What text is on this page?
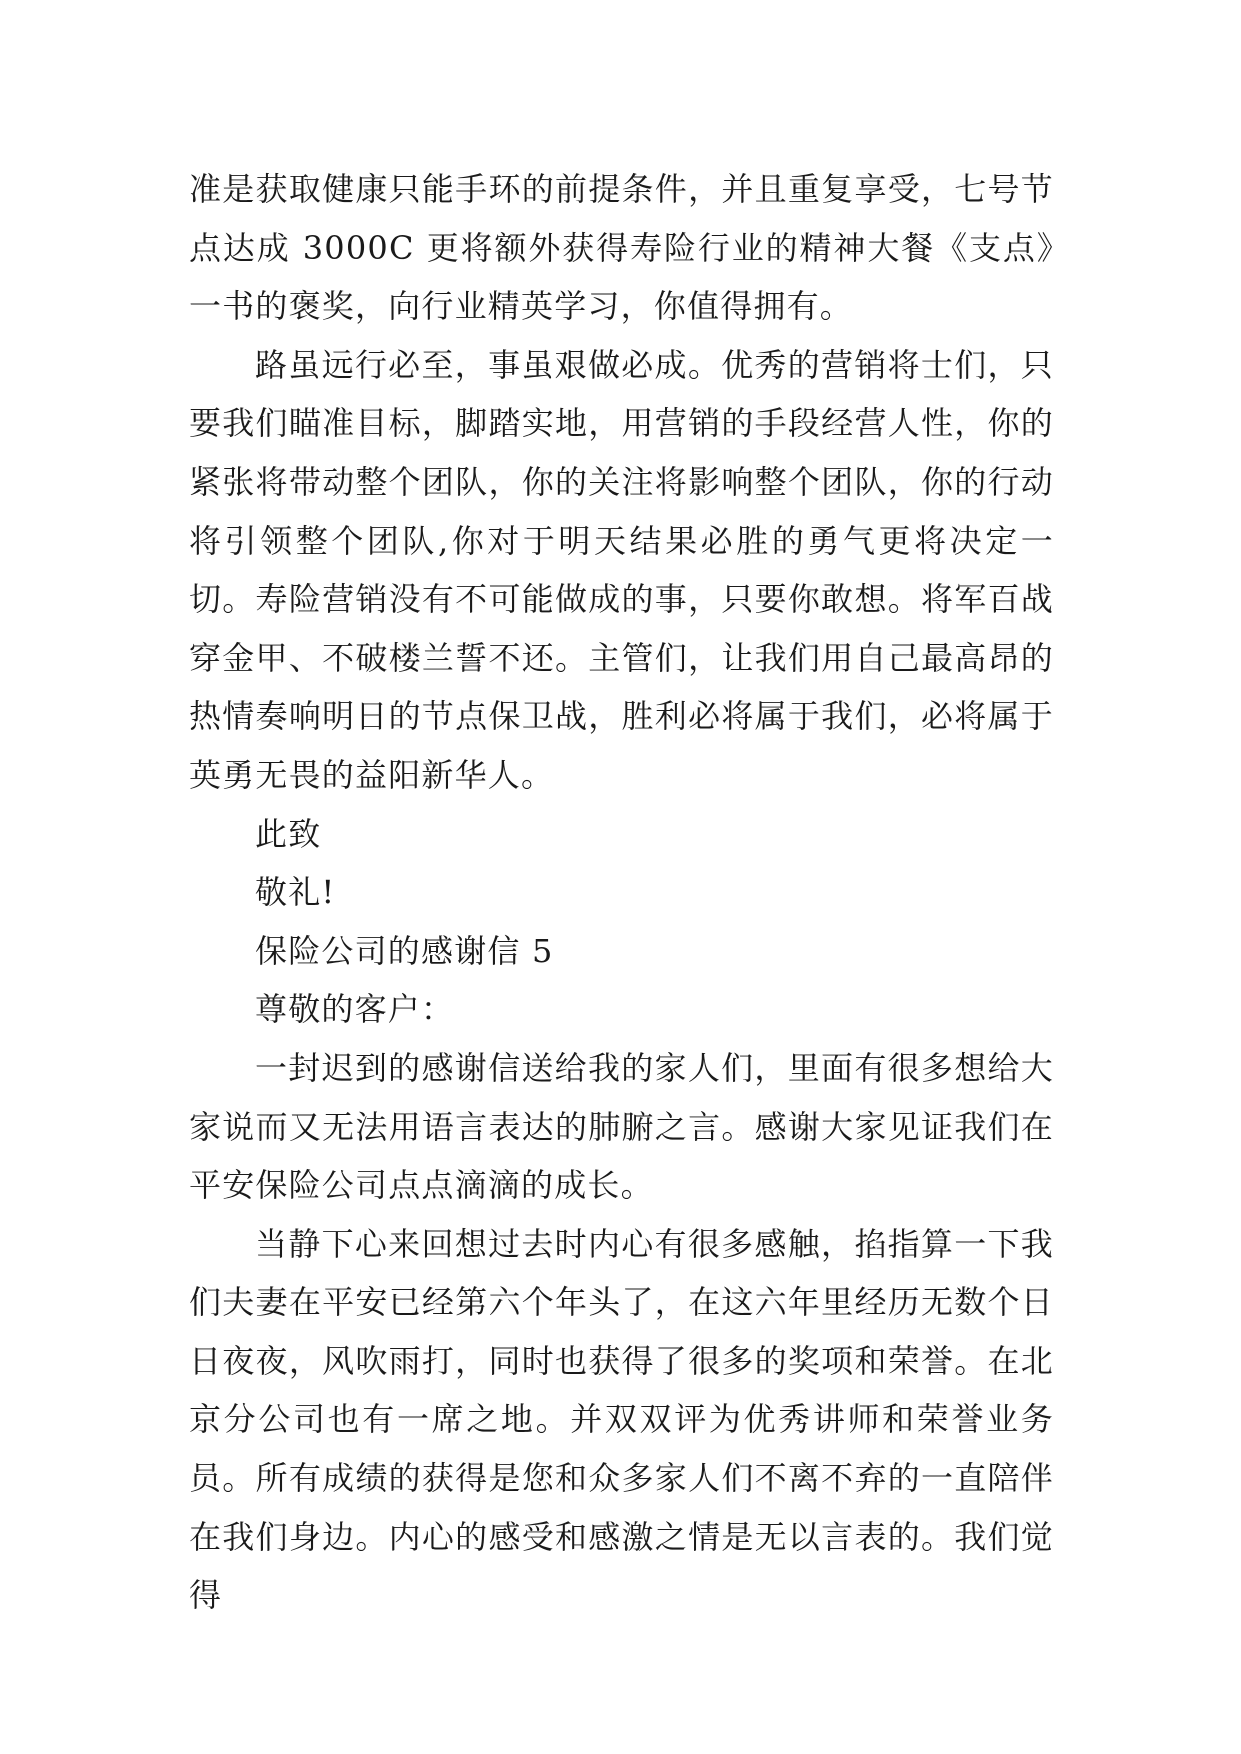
准是获取健康只能手环的前提条件，并且重复享受，七号节点达成 3000C 更将额外获得寿险行业的精神大餐《支点》一书的褒奖，向行业精英学习，你值得拥有。

路虽远行必至，事虽艰做必成。优秀的营销将士们，只要我们瞄准目标，脚踏实地，用营销的手段经营人性，你的紧张将带动整个团队，你的关注将影响整个团队，你的行动将引领整个团队,你对于明天结果必胜的勇气更将决定一切。寿险营销没有不可能做成的事，只要你敢想。将军百战穿金甲、不破楼兰誓不还。主管们，让我们用自己最高昂的热情奏响明日的节点保卫战，胜利必将属于我们，必将属于英勇无畏的益阳新华人。

此致

敬礼!

保险公司的感谢信 5

尊敬的客户：

一封迟到的感谢信送给我的家人们，里面有很多想给大家说而又无法用语言表达的肺腑之言。感谢大家见证我们在平安保险公司点点滴滴的成长。

当静下心来回想过去时内心有很多感触，掐指算一下我们夫妻在平安已经第六个年头了，在这六年里经历无数个日日夜夜，风吹雨打，同时也获得了很多的奖项和荣誉。在北京分公司也有一席之地。并双双评为优秀讲师和荣誉业务员。所有成绩的获得是您和众多家人们不离不弃的一直陪伴在我们身边。内心的感受和感激之情是无以言表的。我们觉得
